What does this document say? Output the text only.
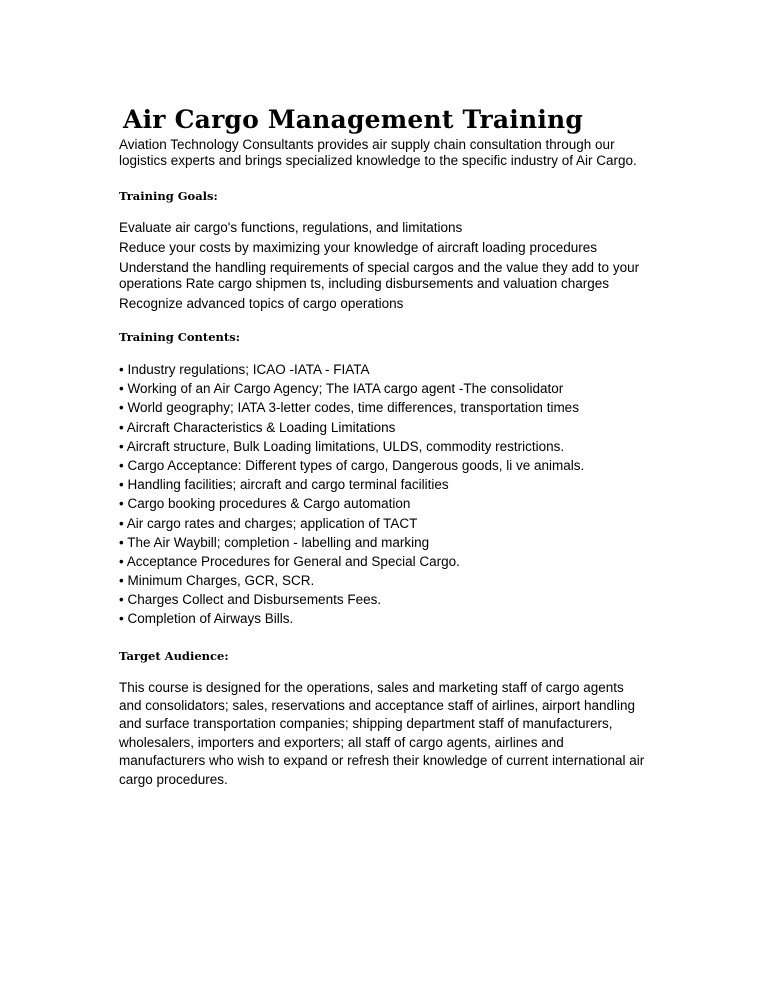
Air Cargo Management Training

Aviation Technology Consultants provides air supply chain consultation through our logistics experts and brings specialized knowledge to the specific industry of Air Cargo.

Training Goals:
Evaluate air cargo's functions, regulations, and limitations
Reduce your costs by maximizing your knowledge of aircraft loading procedures
Understand the handling requirements of special cargos and the value they add to your operations Rate cargo shipmen ts, including disbursements and valuation charges
Recognize advanced topics of cargo operations
Training Contents:
• Industry regulations; ICAO -IATA - FIATA
• Working of an Air Cargo Agency; The IATA cargo agent -The consolidator
• World geography; IATA 3-letter codes, time differences, transportation times
• Aircraft Characteristics & Loading Limitations
• Aircraft structure, Bulk Loading limitations, ULDS, commodity restrictions.
• Cargo Acceptance: Different types of cargo, Dangerous goods, li ve animals.
• Handling facilities; aircraft and cargo terminal facilities
• Cargo booking procedures & Cargo automation
• Air cargo rates and charges; application of TACT
• The Air Waybill; completion - labelling and marking
• Acceptance Procedures for General and Special Cargo.
• Minimum Charges, GCR, SCR.
• Charges Collect and Disbursements Fees.
• Completion of Airways Bills.
Target Audience:

This course is designed for the operations, sales and marketing staff of cargo agents and consolidators; sales, reservations and acceptance staff of airlines, airport handling and surface transportation companies; shipping department staff of manufacturers, wholesalers, importers and exporters; all staff of cargo agents, airlines and manufacturers who wish to expand or refresh their knowledge of current international air cargo procedures.
